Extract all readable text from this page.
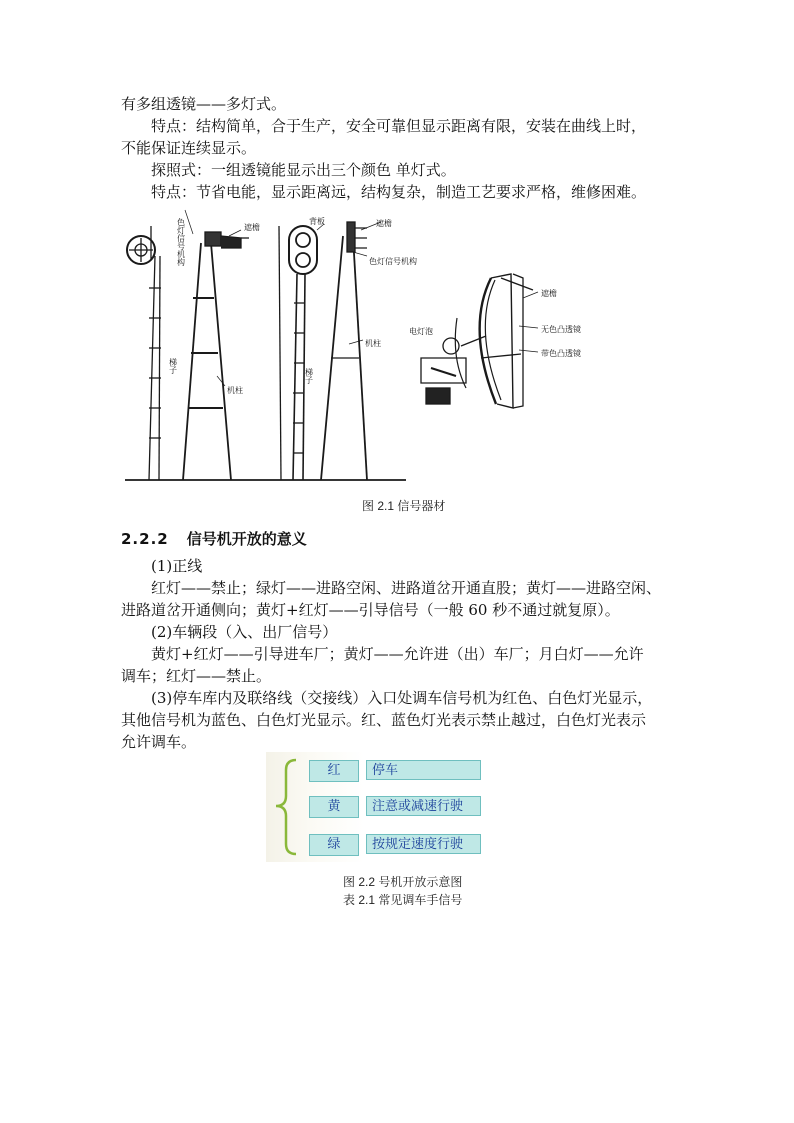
有多组透镜——多灯式。
特点：结构简单，合于生产，安全可靠但显示距离有限，安装在曲线上时，
不能保证连续显示。
探照式：一组透镜能显示出三个颜色 单灯式。
特点：节省电能，显示距离远，结构复杂，制造工艺要求严格，维修困难。
色灯信号机构	遮檐
梯子
机柱
背板	遮檐
色灯信号机构
机柱
梯子
遮檐
电灯泡	无色凸透镜
带色凸透镜
图 2.1 信号器材
2.2.2 信号机开放的意义
(1)正线
红灯——禁止；绿灯——进路空闲、进路道岔开通直股；黄灯——进路空闲、
进路道岔开通侧向；黄灯+红灯——引导信号（一般 60 秒不通过就复原）。
(2)车辆段（入、出厂信号）
黄灯+红灯——引导进车厂；黄灯——允许进（出）车厂；月白灯——允许
调车；红灯——禁止。
(3)停车库内及联络线（交接线）入口处调车信号机为红色、白色灯光显示，
其他信号机为蓝色、白色灯光显示。红、蓝色灯光表示禁止越过，白色灯光表示
允许调车。
红	停车
黄	注意或减速行驶
绿	按规定速度行驶
图 2.2 号机开放示意图
表 2.1 常见调车手信号
